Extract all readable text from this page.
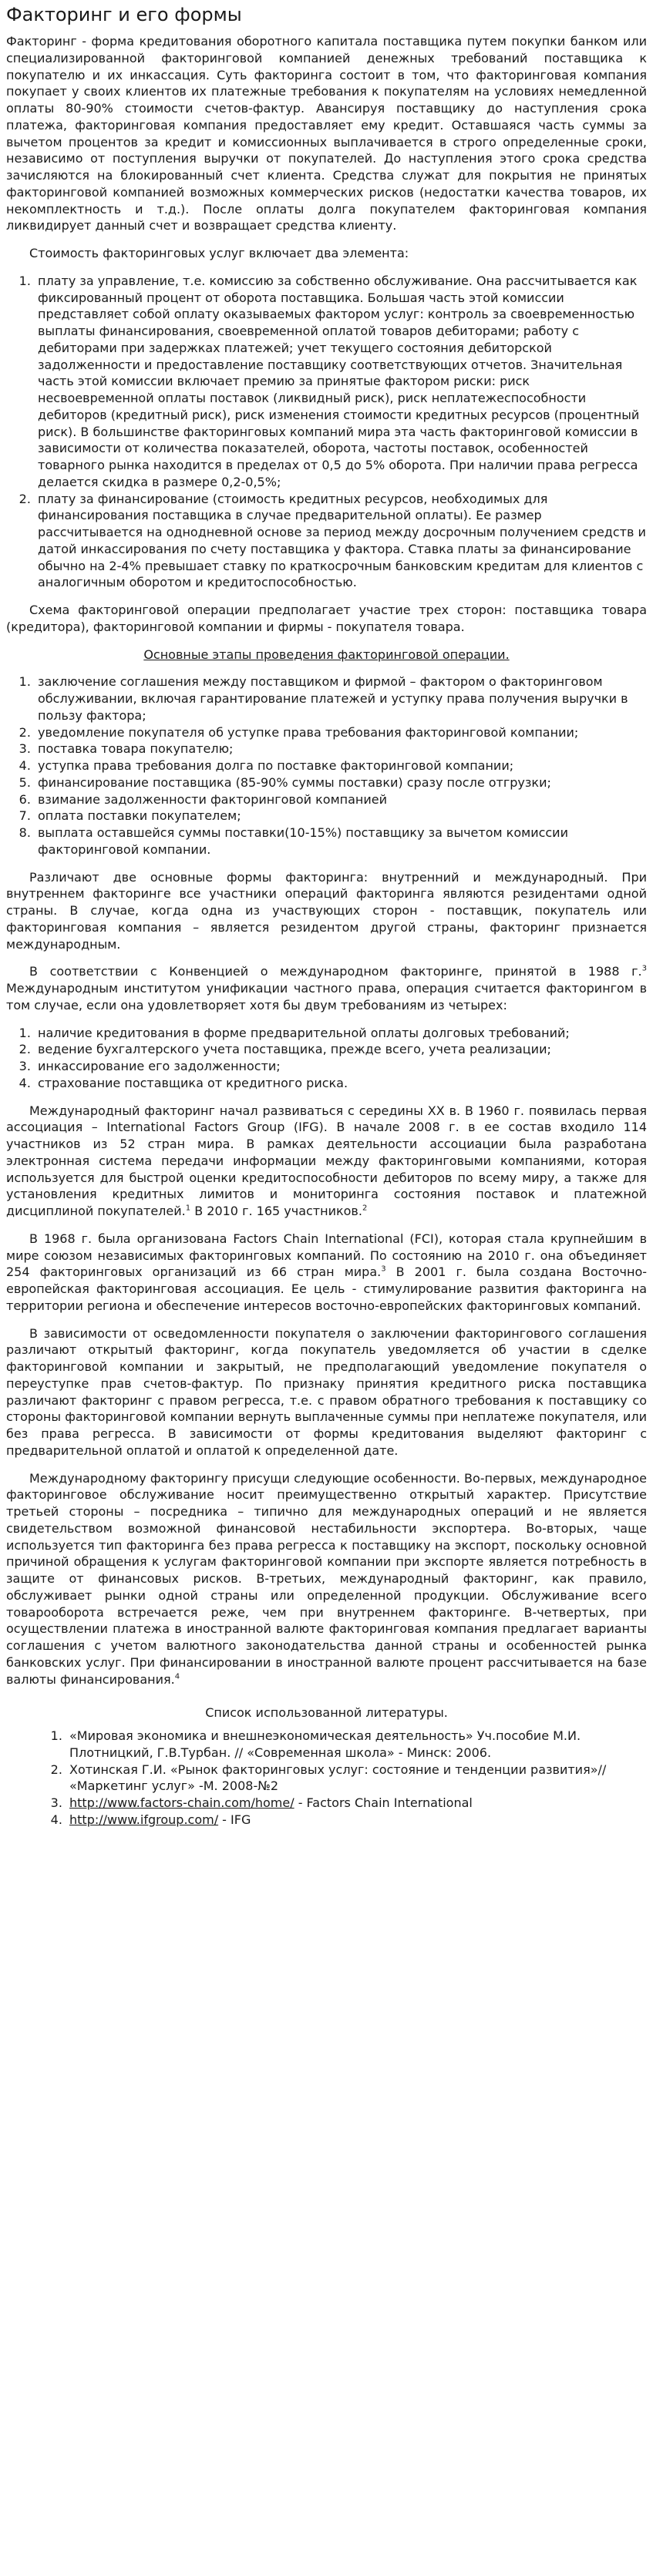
Факторинг и его формы

Факторинг - форма кредитования оборотного капитала поставщика путем покупки банком или специализированной факторинговой компанией денежных требований поставщика к покупателю и их инкассация. Суть факторинга состоит в том, что факторинговая компания покупает у своих клиентов их платежные требования к покупателям на условиях немедленной оплаты 80-90% стоимости счетов-фактур. Авансируя поставщику до наступления срока платежа, факторинговая компания предоставляет ему кредит. Оставшаяся часть суммы за вычетом процентов за кредит и комиссионных выплачивается в строго определенные сроки, независимо от поступления выручки от покупателей. До наступления этого срока средства зачисляются на блокированный счет клиента. Средства служат для покрытия не принятых факторинговой компанией возможных коммерческих рисков (недостатки качества товаров, их некомплектность и т.д.). После оплаты долга покупателем факторинговая компания ликвидирует данный счет и возвращает средства клиенту.

Стоимость факторинговых услуг включает два элемента:

1. плату за управление, т.е. комиссию за собственно обслуживание. Она рассчитывается как фиксированный процент от оборота поставщика. Большая часть этой комиссии представляет собой оплату оказываемых фактором услуг: контроль за своевременностью выплаты финансирования, своевременной оплатой товаров дебиторами; работу с дебиторами при задержках платежей; учет текущего состояния дебиторской задолженности и предоставление поставщику соответствующих отчетов. Значительная часть этой комиссии включает премию за принятые фактором риски: риск несвоевременной оплаты поставок (ликвидный риск), риск неплатежеспособности дебиторов (кредитный риск), риск изменения стоимости кредитных ресурсов (процентный риск). В большинстве факторинговых компаний мира эта часть факторинговой комиссии в зависимости от количества показателей, оборота, частоты поставок, особенностей товарного рынка находится в пределах от 0,5 до 5% оборота. При наличии права регресса делается скидка в размере 0,2-0,5%;
2. плату за финансирование (стоимость кредитных ресурсов, необходимых для финансирования поставщика в случае предварительной оплаты). Ее размер рассчитывается на однодневной основе за период между досрочным получением средств и датой инкассирования по счету поставщика у фактора. Ставка платы за финансирование обычно на 2-4% превышает ставку по краткосрочным банковским кредитам для клиентов с аналогичным оборотом и кредитоспособностью.

Схема факторинговой операции предполагает участие трех сторон: поставщика товара (кредитора), факторинговой компании и фирмы - покупателя товара.

Основные этапы проведения факторинговой операции.

1. заключение соглашения между поставщиком и фирмой – фактором о факторинговом обслуживании, включая гарантирование платежей и уступку права получения выручки в пользу фактора;
2. уведомление покупателя об уступке права требования факторинговой компании;
3. поставка товара покупателю;
4. уступка права требования долга по поставке факторинговой компании;
5. финансирование поставщика (85-90% суммы поставки) сразу после отгрузки;
6. взимание задолженности факторинговой компанией
7. оплата поставки покупателем;
8. выплата оставшейся суммы поставки(10-15%) поставщику за вычетом комиссии факторинговой компании.

Различают две основные формы факторинга: внутренний и международный. При внутреннем факторинге все участники операций факторинга являются резидентами одной страны. В случае, когда одна из участвующих сторон - поставщик, покупатель или факторинговая компания – является резидентом другой страны, факторинг признается международным.

В соответствии с Конвенцией о международном факторинге, принятой в 1988 г.$^3$ Международным институтом унификации частного права, операция считается факторингом в том случае, если она удовлетворяет хотя бы двум требованиям из четырех:

1. наличие кредитования в форме предварительной оплаты долговых требований;
2. ведение бухгалтерского учета поставщика, прежде всего, учета реализации;
3. инкассирование его задолженности;
4. страхование поставщика от кредитного риска.

Международный факторинг начал развиваться с середины XX в. В 1960 г. появилась первая ассоциация – International Factors Group (IFG). В начале 2008 г. в ее состав входило 114 участников из 52 стран мира. В рамках деятельности ассоциации была разработана электронная система передачи информации между факторинговыми компаниями, которая используется для быстрой оценки кредитоспособности дебиторов по всему миру, а также для установления кредитных лимитов и мониторинга состояния поставок и платежной дисциплиной покупателей.$^1$ В 2010 г. 165 участников.$^2$

В 1968 г. была организована Factors Chain International (FCI), которая стала крупнейшим в мире союзом независимых факторинговых компаний. По состоянию на 2010 г. она объединяет 254 факторинговых организаций из 66 стран мира.$^3$ В 2001 г. была создана Восточно-европейская факторинговая ассоциация. Ее цель - стимулирование развития факторинга на территории региона и обеспечение интересов восточно-европейских факторинговых компаний.

В зависимости от осведомленности покупателя о заключении факторингового соглашения различают открытый факторинг, когда покупатель уведомляется об участии в сделке факторинговой компании и закрытый, не предполагающий уведомление покупателя о переуступке прав счетов-фактур. По признаку принятия кредитного риска поставщика различают факторинг с правом регресса, т.е. с правом обратного требования к поставщику со стороны факторинговой компании вернуть выплаченные суммы при неплатеже покупателя, или без права регресса. В зависимости от формы кредитования выделяют факторинг с предварительной оплатой и оплатой к определенной дате.

Международному факторингу присущи следующие особенности. Во-первых, международное факторинговое обслуживание носит преимущественно открытый характер. Присутствие третьей стороны – посредника – типично для международных операций и не является свидетельством возможной финансовой нестабильности экспортера. Во-вторых, чаще используется тип факторинга без права регресса к поставщику на экспорт, поскольку основной причиной обращения к услугам факторинговой компании при экспорте является потребность в защите от финансовых рисков. В-третьих, международный факторинг, как правило, обслуживает рынки одной страны или определенной продукции. Обслуживание всего товарооборота встречается реже, чем при внутреннем факторинге. В-четвертых, при осуществлении платежа в иностранной валюте факторинговая компания предлагает варианты соглашения с учетом валютного законодательства данной страны и особенностей рынка банковских услуг. При финансировании в иностранной валюте процент рассчитывается на базе валюты финансирования.$^4$

Список использованной литературы.

1. «Мировая экономика и внешнеэкономическая деятельность» Уч.пособие М.И. Плотницкий, Г.В.Турбан. // «Современная школа» - Минск: 2006.
2. Хотинская Г.И. «Рынок факторинговых услуг: состояние и тенденции развития»// «Маркетинг услуг» -М. 2008-№2
3. http://www.factors-chain.com/home/ - Factors Chain International
4. http://www.ifgroup.com/ - IFG
